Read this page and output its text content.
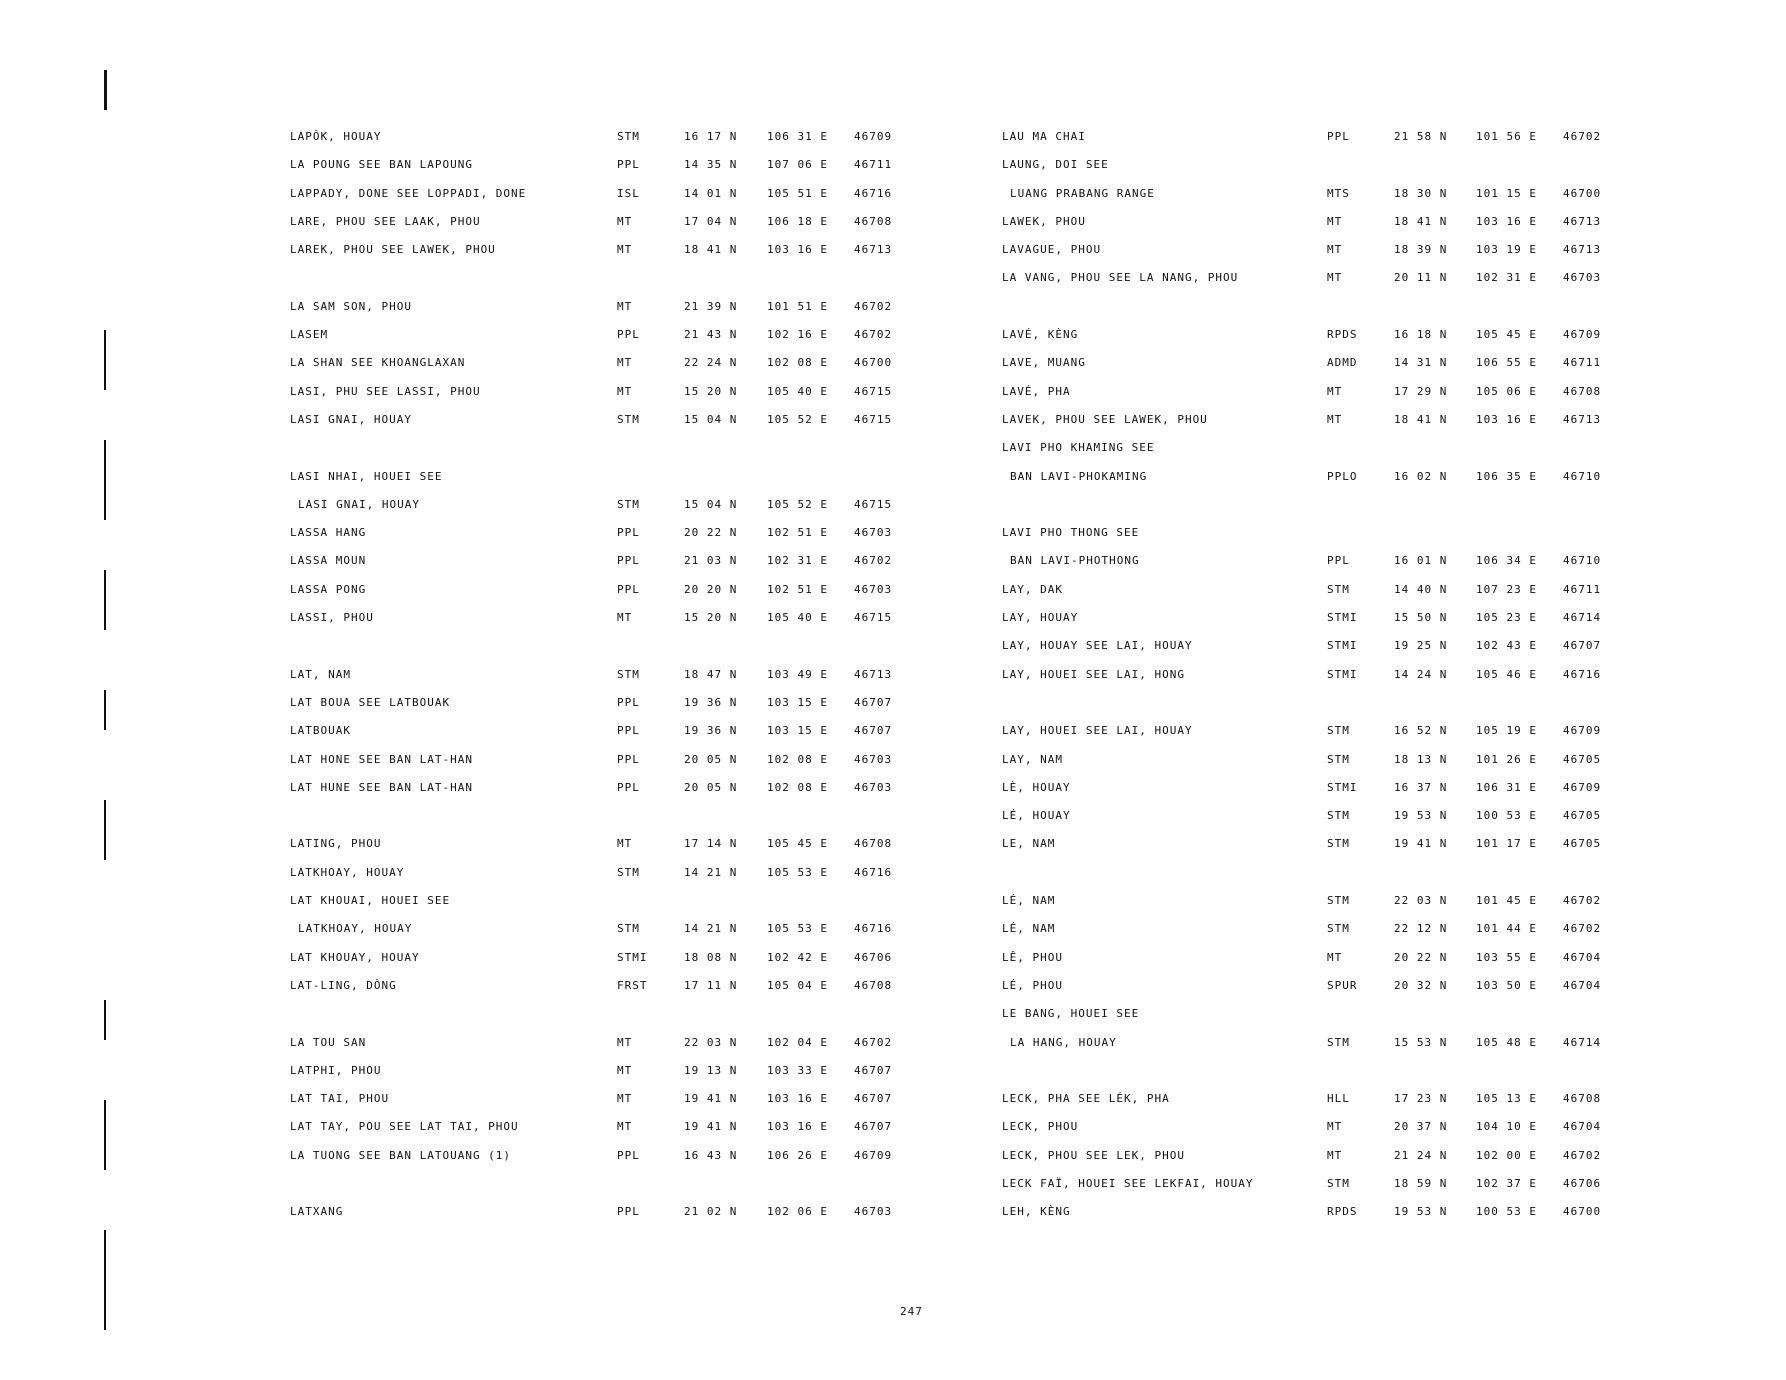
LAPÔK, HOUAY	STM	16 17 N	106 31 E 46709
LA POUNG SEE BAN LAPOUNG	PPL	14 35 N	107 06 E 46711
LAPPADY, DONE SEE LOPPADI, DONE	ISL	14 01 N	105 51 E 46716
LARE, PHOU SEE LAAK, PHOU	MT	17 04 N	106 18 E 46708
LAREK, PHOU SEE LAWEK, PHOU	MT	18 41 N	103 16 E 46713
LA SAM SON, PHOU	MT	21 39 N	101 51 E 46702
LASEM	PPL	21 43 N	102 16 E 46702
LA SHAN SEE KHOANGLAXAN	MT	22 24 N	102 08 E 46700
LASI, PHU SEE LASSI, PHOU	MT	15 20 N	105 40 E 46715
LASI GNAI, HOUAY	STM	15 04 N	105 52 E 46715
LASI NHAI, HOUEI SEE
LASI GNAI, HOUAY	STM	15 04 N	105 52 E 46715
LASSA HANG	PPL	20 22 N	102 51 E 46703
LASSA MOUN	PPL	21 03 N	102 31 E 46702
LASSA PONG	PPL	20 20 N	102 51 E 46703
LASSI, PHOU	MT	15 20 N	105 40 E 46715
LAT, NAM	STM	18 47 N	103 49 E 46713
LAT BOUA SEE LATBOUAK	PPL	19 36 N	103 15 E 46707
LATBOUAK	PPL	19 36 N	103 15 E 46707
LAT HONE SEE BAN LAT-HAN	PPL	20 05 N	102 08 E 46703
LAT HUNE SEE BAN LAT-HAN	PPL	20 05 N	102 08 E 46703
LATING, PHOU	MT	17 14 N	105 45 E 46708
LATKHOAY, HOUAY	STM	14 21 N	105 53 E 46716
LAT KHOUAI, HOUEI SEE
LATKHOAY, HOUAY	STM	14 21 N	105 53 E 46716
LAT KHOUAY, HOUAY	STMI	18 08 N	102 42 E 46706
LAT-LING, DÔNG	FRST	17 11 N	105 04 E 46708
LA TOU SAN	MT	22 03 N	102 04 E 46702
LATPHI, PHOU	MT	19 13 N	103 33 E 46707
LAT TAI, PHOU	MT	19 41 N	103 16 E 46707
LAT TAY, POU SEE LAT TAI, PHOU	MT	19 41 N	103 16 E 46707
LA TUONG SEE BAN LATOUANG (1)	PPL	16 43 N	106 26 E 46709
LATXANG	PPL	21 02 N	102 06 E 46703
LAU MA CHAI	PPL	21 58 N	101 56 E 46702
LAUNG, DOI SEE
LUANG PRABANG RANGE	MTS	18 30 N	101 15 E 46700
LAWEK, PHOU	MT	18 41 N	103 16 E 46713
LAVAGUE, PHOU	MT	18 39 N	103 19 E 46713
LA VANG, PHOU SEE LA NANG, PHOU	MT	20 11 N	102 31 E 46703
LAVÉ, KÈNG	RPDS	16 18 N	105 45 E 46709
LAVE, MUANG	ADMD	14 31 N	106 55 E 46711
LAVÉ, PHA	MT	17 29 N	105 06 E 46708
LAVEK, PHOU SEE LAWEK, PHOU	MT	18 41 N	103 16 E 46713
LAVI PHO KHAMING SEE
BAN LAVI-PHOKAMING	PPLO	16 02 N	106 35 E 46710
LAVI PHO THONG SEE
BAN LAVI-PHOTHONG	PPL	16 01 N	106 34 E 46710
LAY, DAK	STM	14 40 N	107 23 E 46711
LAY, HOUAY	STMI	15 50 N	105 23 E 46714
LAY, HOUAY SEE LAI, HOUAY	STMI	19 25 N	102 43 E 46707
LAY, HOUEI SEE LAI, HONG	STMI	14 24 N	105 46 E 46716
LAY, HOUEI SEE LAI, HOUAY	STM	16 52 N	105 19 E 46709
LAY, NAM	STM	18 13 N	101 26 E 46705
LÈ, HOUAY	STMI	16 37 N	106 31 E 46709
LÉ, HOUAY	STM	19 53 N	100 53 E 46705
LE, NAM	STM	19 41 N	101 17 E 46705
LÉ, NAM	STM	22 03 N	101 45 E 46702
LÉ, NAM	STM	22 12 N	101 44 E 46702
LÊ, PHOU	MT	20 22 N	103 55 E 46704
LÉ, PHOU	SPUR	20 32 N	103 50 E 46704
LE BANG, HOUEI SEE
LA HANG, HOUAY	STM	15 53 N	105 48 E 46714
LECK, PHA SEE LÉK, PHA	HLL	17 23 N	105 13 E 46708
LECK, PHOU	MT	20 37 N	104 10 E 46704
LECK, PHOU SEE LEK, PHOU	MT	21 24 N	102 00 E 46702
LECK FAÏ, HOUEI SEE LEKFAI, HOUAY	STM	18 59 N	102 37 E 46706
LEH, KÈNG	RPDS	19 53 N	100 53 E 46700
247
